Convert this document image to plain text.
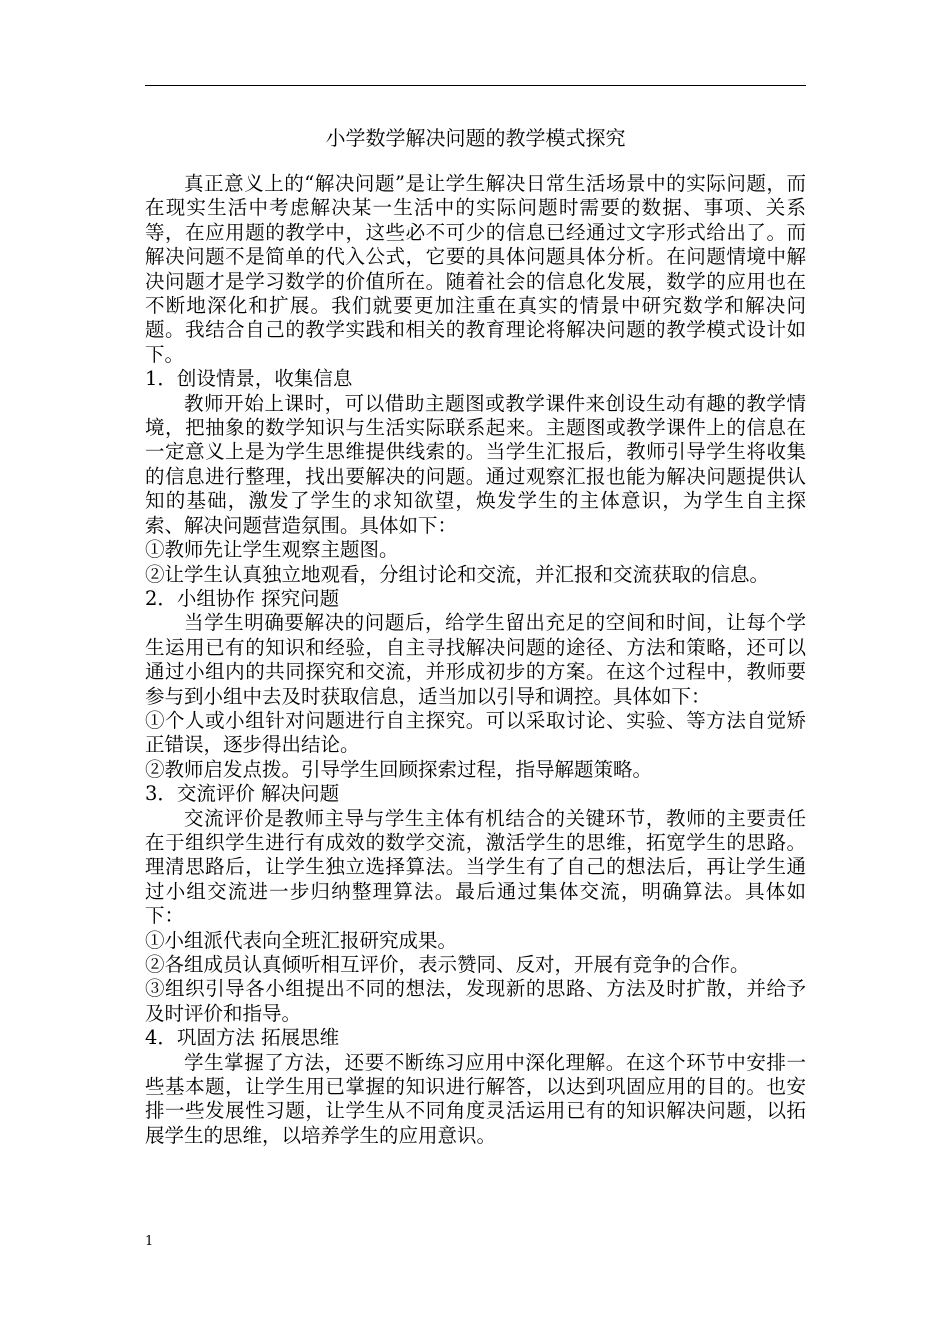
小学数学解决问题的教学模式探究

真正意义上的“解决问题”是让学生解决日常生活场景中的实际问题，而在现实生活中考虑解决某一生活中的实际问题时需要的数据、事项、关系等，在应用题的教学中，这些必不可少的信息已经通过文字形式给出了。而解决问题不是简单的代入公式，它要的具体问题具体分析。在问题情境中解决问题才是学习数学的价值所在。随着社会的信息化发展，数学的应用也在不断地深化和扩展。我们就要更加注重在真实的情景中研究数学和解决问题。我结合自己的教学实践和相关的教育理论将解决问题的教学模式设计如下。

1．创设情景，收集信息

教师开始上课时，可以借助主题图或教学课件来创设生动有趣的教学情境，把抽象的数学知识与生活实际联系起来。主题图或教学课件上的信息在一定意义上是为学生思维提供线索的。当学生汇报后，教师引导学生将收集的信息进行整理，找出要解决的问题。通过观察汇报也能为解决问题提供认知的基础，激发了学生的求知欲望，焕发学生的主体意识，为学生自主探索、解决问题营造氛围。具体如下：

①教师先让学生观察主题图。

②让学生认真独立地观看，分组讨论和交流，并汇报和交流获取的信息。

2．小组协作 探究问题

当学生明确要解决的问题后，给学生留出充足的空间和时间，让每个学生运用已有的知识和经验，自主寻找解决问题的途径、方法和策略，还可以通过小组内的共同探究和交流，并形成初步的方案。在这个过程中，教师要参与到小组中去及时获取信息，适当加以引导和调控。具体如下：

①个人或小组针对问题进行自主探究。可以采取讨论、实验、等方法自觉矫正错误，逐步得出结论。

②教师启发点拨。引导学生回顾探索过程，指导解题策略。

3．交流评价 解决问题

交流评价是教师主导与学生主体有机结合的关键环节，教师的主要责任在于组织学生进行有成效的数学交流，激活学生的思维，拓宽学生的思路。理清思路后，让学生独立选择算法。当学生有了自己的想法后，再让学生通过小组交流进一步归纳整理算法。最后通过集体交流，明确算法。具体如下：

①小组派代表向全班汇报研究成果。

②各组成员认真倾听相互评价，表示赞同、反对，开展有竞争的合作。

③组织引导各小组提出不同的想法，发现新的思路、方法及时扩散，并给予及时评价和指导。

4．巩固方法 拓展思维

学生掌握了方法，还要不断练习应用中深化理解。在这个环节中安排一些基本题，让学生用已掌握的知识进行解答，以达到巩固应用的目的。也安排一些发展性习题，让学生从不同角度灵活运用已有的知识解决问题，以拓展学生的思维，以培养学生的应用意识。

1
